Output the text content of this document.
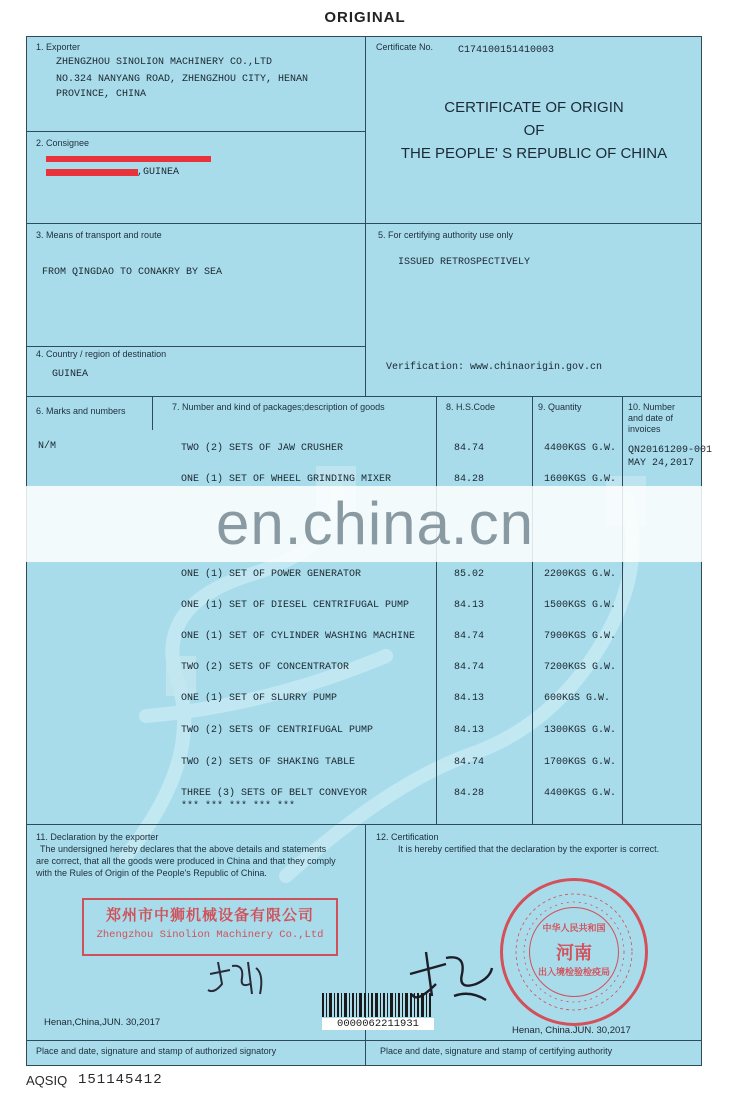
ORIGINAL
1. Exporter
ZHENGZHOU SINOLION MACHINERY CO.,LTD
NO.324 NANYANG ROAD, ZHENGZHOU CITY, HENAN
PROVINCE, CHINA
Certificate No. C174100151410003
CERTIFICATE OF ORIGIN
OF
THE PEOPLE' S REPUBLIC OF CHINA
2. Consignee
,GUINEA
3. Means of transport and route
FROM QINGDAO TO CONAKRY BY SEA
5. For certifying authority use only
ISSUED RETROSPECTIVELY
Verification: www.chinaorigin.gov.cn
4. Country / region of destination
GUINEA
6. Marks and numbers	7. Number and kind of packages;description of goods	8. H.S.Code	9. Quantity	10. Number
and date of
invoices
N/M	QN20161209-001
MAY 24,2017
TWO (2) SETS OF JAW CRUSHER	84.74	4400KGS G.W.
ONE (1) SET OF WHEEL GRINDING MIXER	84.28	1600KGS G.W.
ONE (1) SET OF POWER GENERATOR	85.02	2200KGS G.W.
ONE (1) SET OF DIESEL CENTRIFUGAL PUMP	84.13	1500KGS G.W.
ONE (1) SET OF CYLINDER WASHING MACHINE	84.74	7900KGS G.W.
TWO (2) SETS OF CONCENTRATOR	84.74	7200KGS G.W.
ONE (1) SET OF SLURRY PUMP	84.13	600KGS G.W.
TWO (2) SETS OF CENTRIFUGAL PUMP	84.13	1300KGS G.W.
TWO (2) SETS OF SHAKING TABLE	84.74	1700KGS G.W.
THREE (3) SETS OF BELT CONVEYOR	84.28	4400KGS G.W.
*** *** *** *** ***
11. Declaration by the exporter
The undersigned hereby declares that the above details and statements
are correct, that all the goods were produced in China and that they comply
with the Rules of Origin of the People's Republic of China.
Henan,China,JUN. 30,2017
Place and date, signature and stamp of authorized signatory
12. Certification
It is hereby certified that the declaration by the exporter is correct.
0000062211931
Henan, China.JUN. 30,2017
Place and date, signature and stamp of certifying authority
en.china.cn
郑州市中狮机械设备有限公司
Zhengzhou Sinolion Machinery Co.,Ltd
中华人民共和国
河南
出入境检验检疫局
AQSIQ 151145412
